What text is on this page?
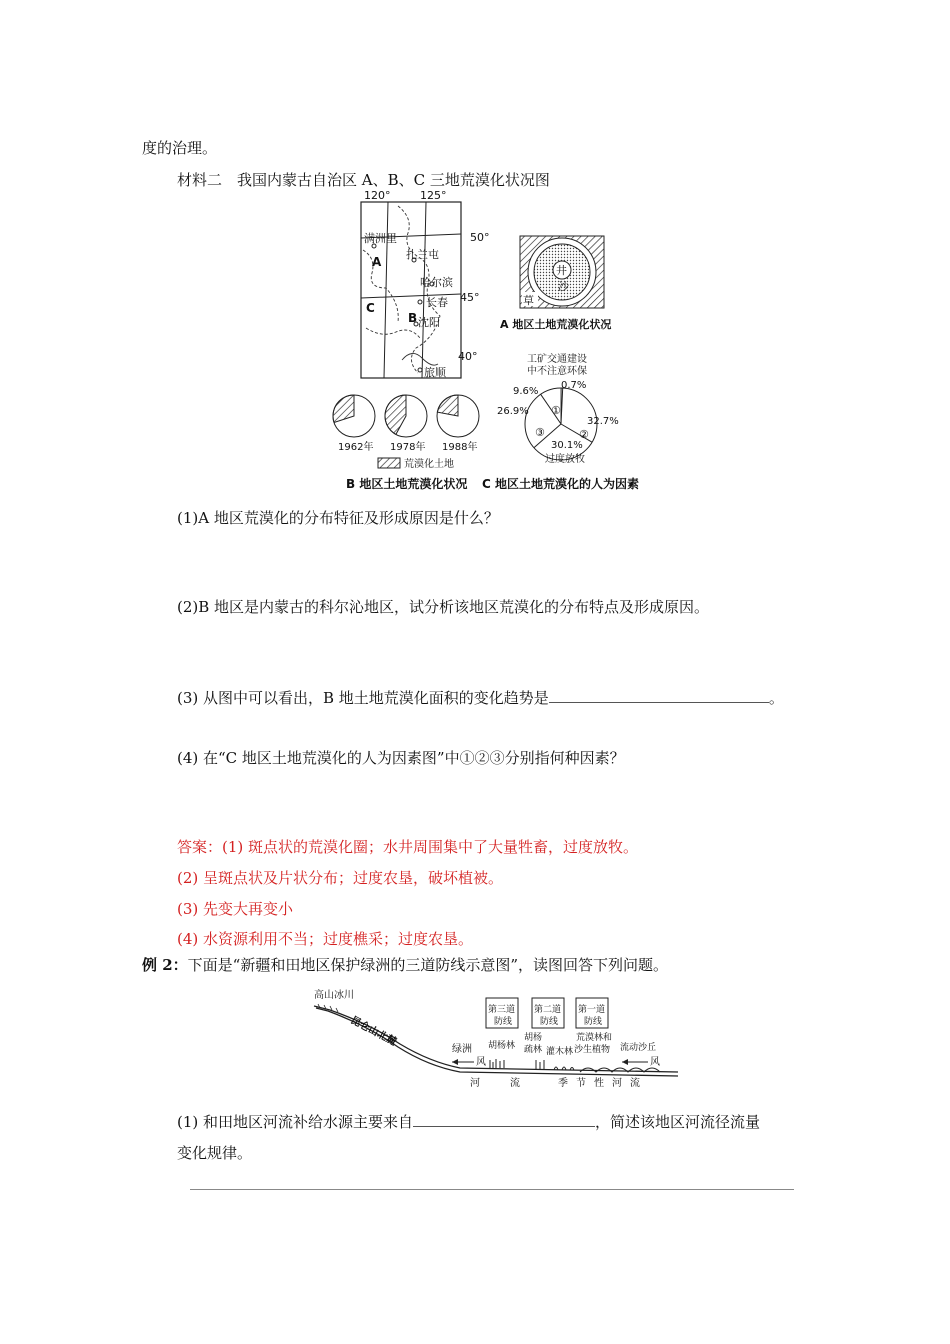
度的治理。
材料二　我国内蒙古自治区 A、B、C 三地荒漠化状况图
120°	125°
满洲里
扎兰屯
哈尔滨
长春
沈阳
旅顺
A
B
C
50°
45°
40°
井
沙
草
A 地区土地荒漠化状况
1962年 1978年 1988年
荒漠化土地
工矿交通建设
中不注意环保
9.6%
0.7%
26.9%
32.7%
30.1%
过度放牧
①
②
③
B 地区土地荒漠化状况 C 地区土地荒漠化的人为因素
(1)A 地区荒漠化的分布特征及形成原因是什么？
(2)B 地区是内蒙古的科尔沁地区，试分析该地区荒漠化的分布特点及形成原因。
(3) 从图中可以看出，B 地土地荒漠化面积的变化趋势是	。
(4) 在“C 地区土地荒漠化的人为因素图”中①②③分别指何种因素？
答案：(1) 斑点状的荒漠化圈；水井周围集中了大量牲畜，过度放牧。
(2) 呈斑点状及片状分布；过度农垦，破坏植被。
(3) 先变大再变小
(4) 水资源利用不当；过度樵采；过度农垦。
例 2：下面是“新疆和田地区保护绿洲的三道防线示意图”，读图回答下列问题。
高山冰川
昆仑山北麓
第三道
防线
第二道
防线
第一道
防线
绿洲
风
胡杨林
胡杨
疏林 灌木林
荒漠林和
沙生植物 流动沙丘
风
河	流	季 节 性 河 流
(1) 和田地区河流补给水源主要来自	，简述该地区河流径流量
变化规律。
